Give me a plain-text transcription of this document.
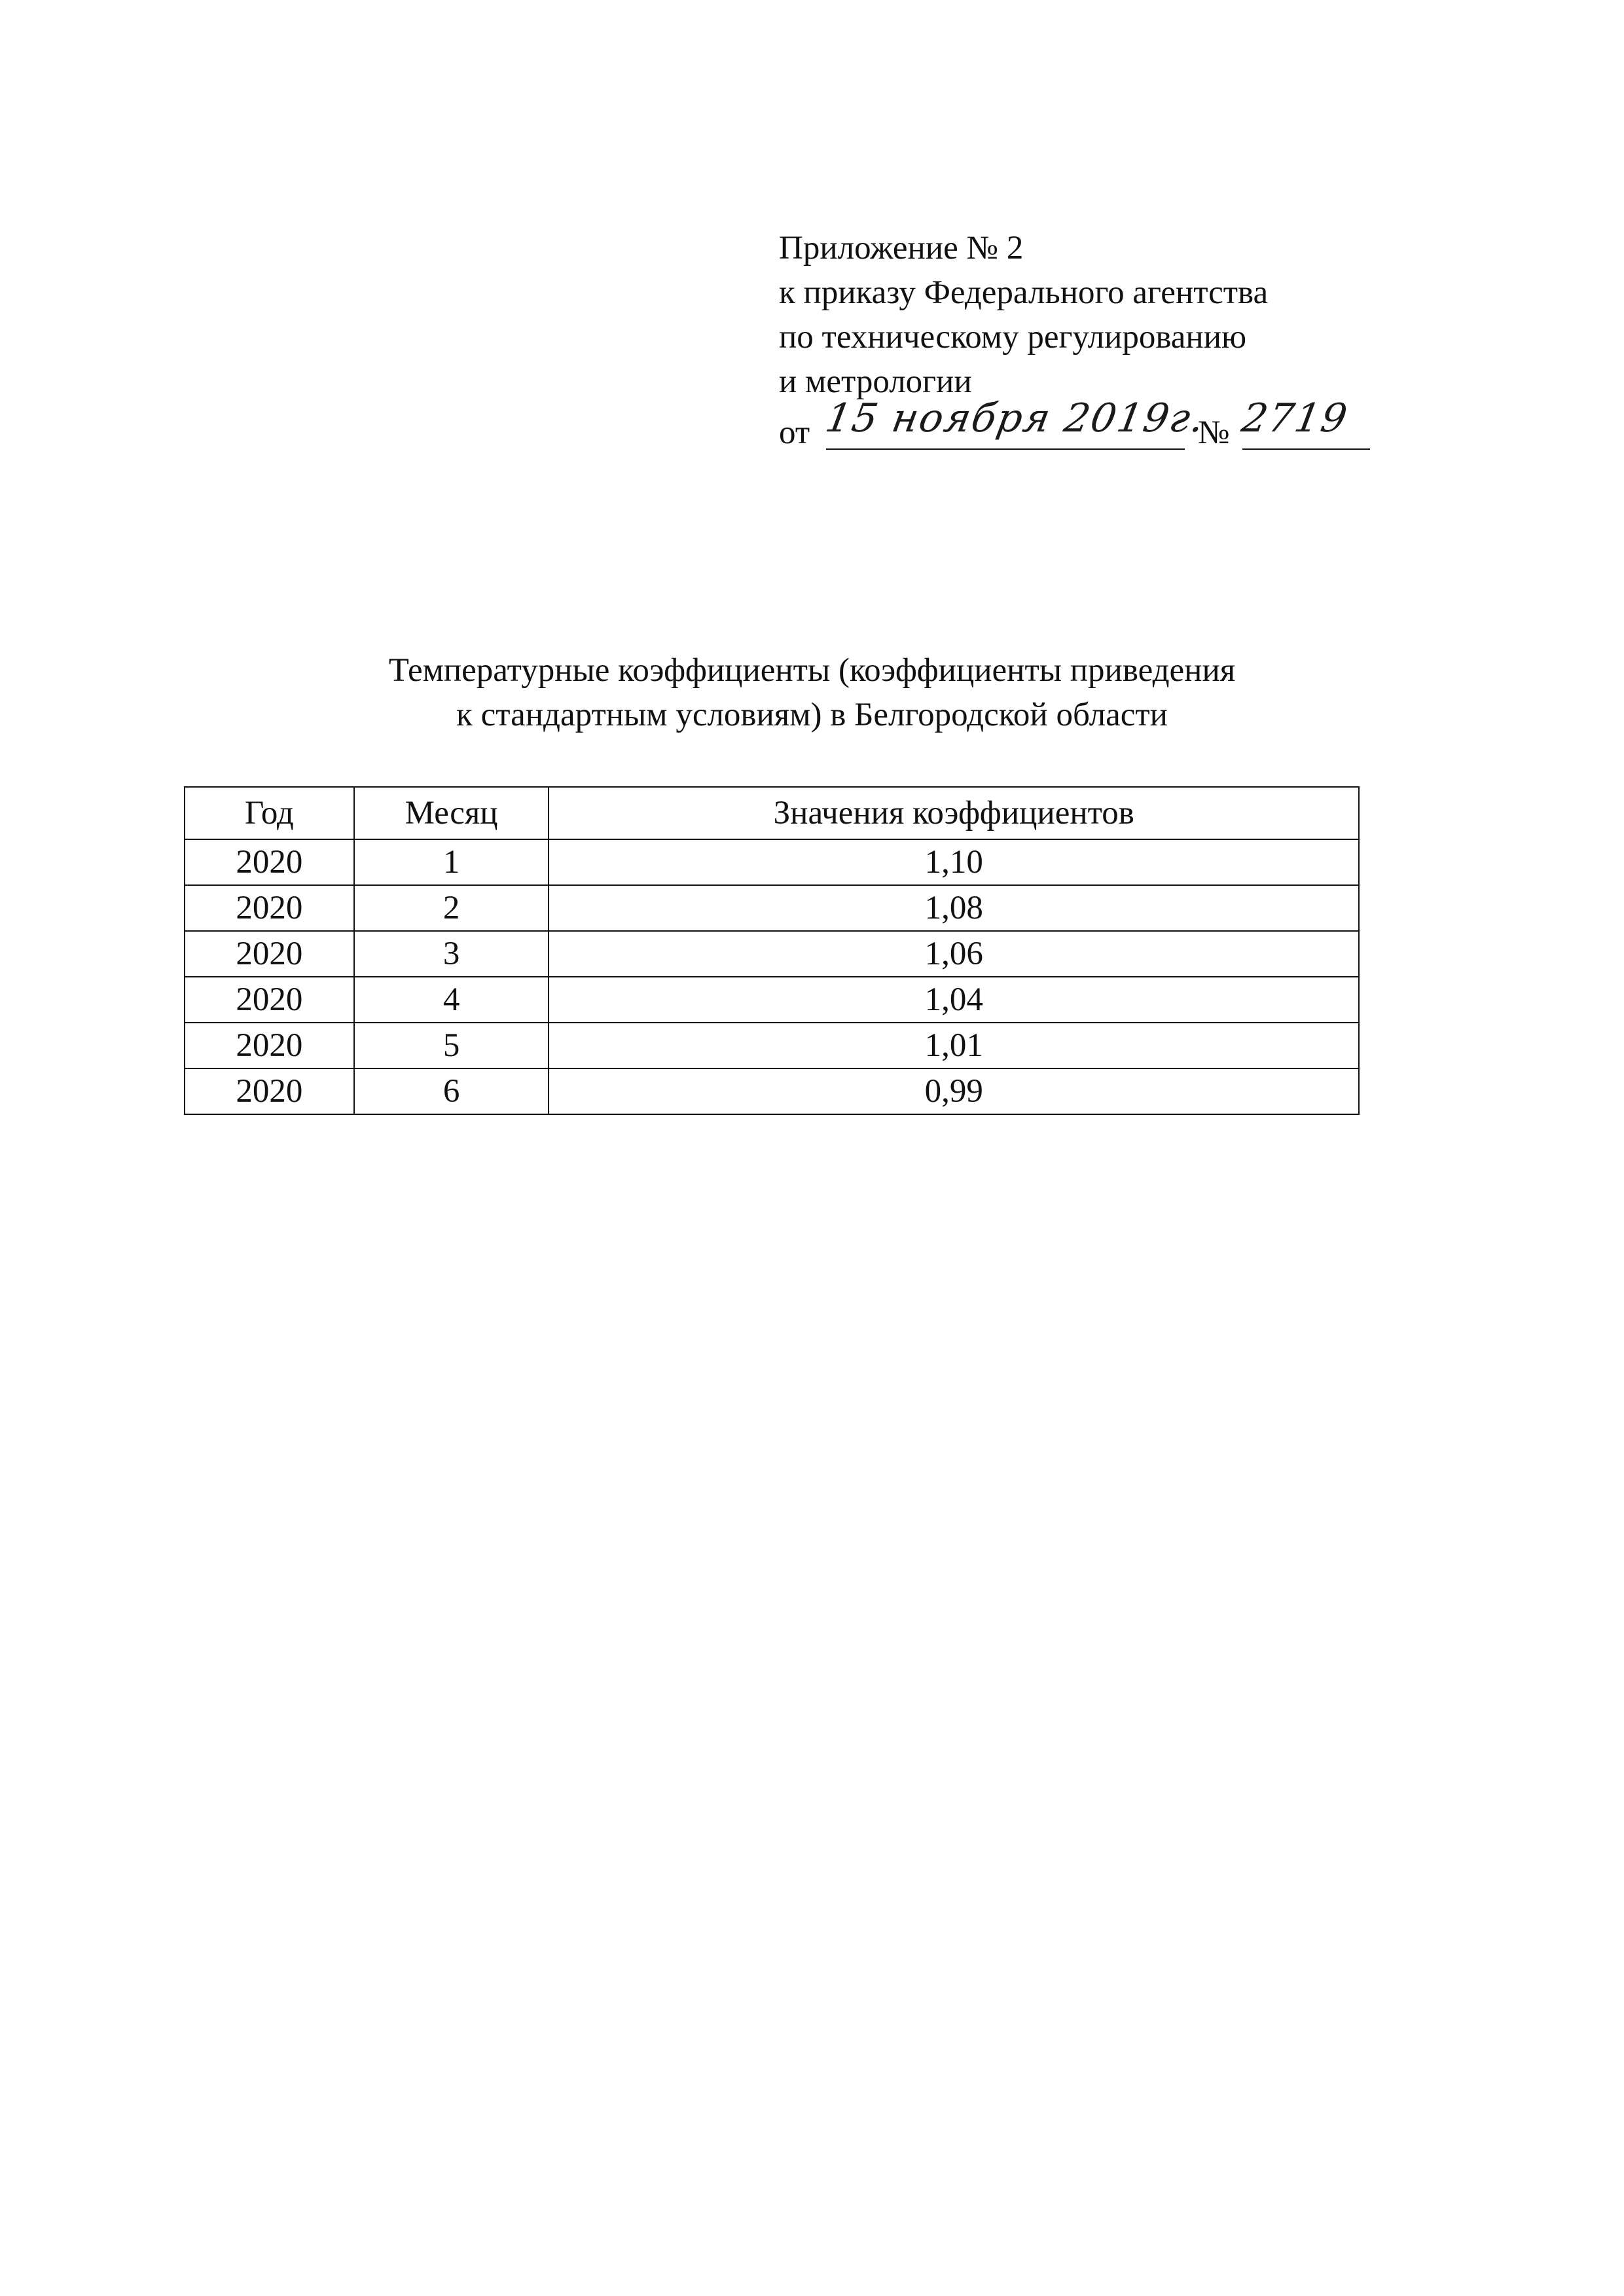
Приложение № 2
к приказу Федерального агентства
по техническому регулированию
и метрологии
от 15 ноября 2019г.
№ 2719
Температурные коэффициенты (коэффициенты приведения
к стандартным условиям) в Белгородской области
Год	Месяц	Значения коэффициентов
2020	1	1,10
2020	2	1,08
2020	3	1,06
2020	4	1,04
2020	5	1,01
2020	6	0,99
